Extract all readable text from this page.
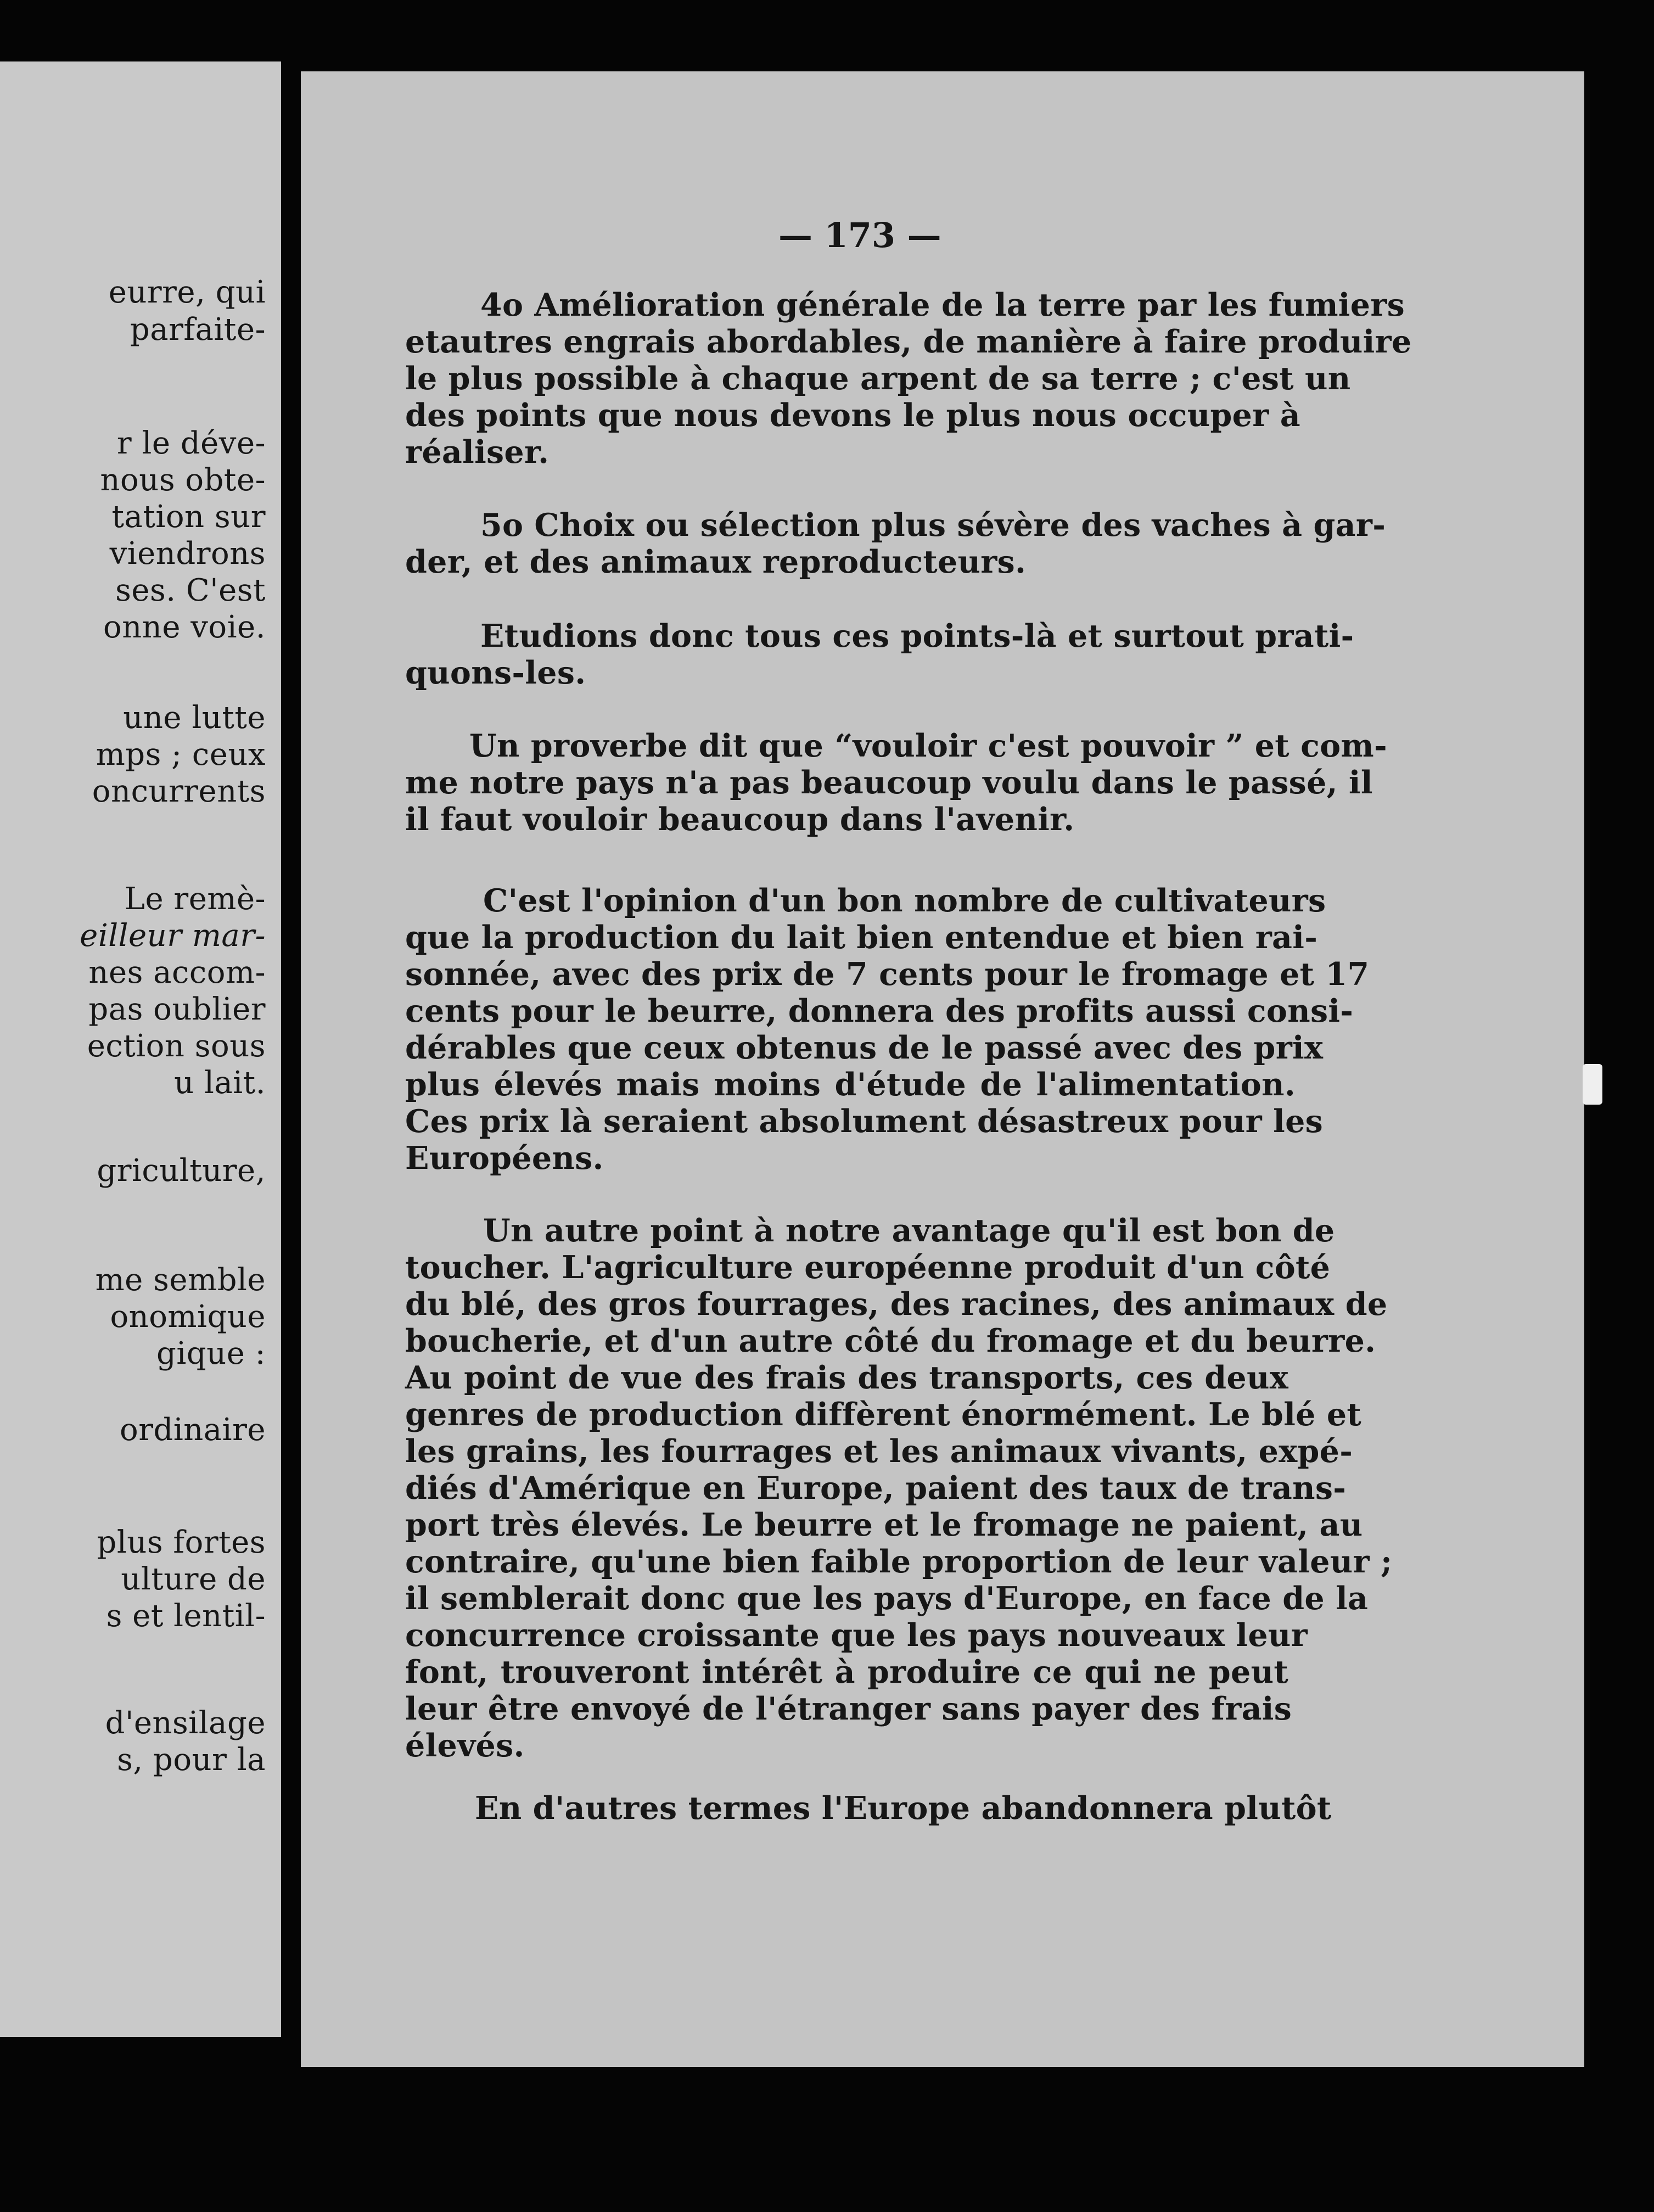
eurre, qui
parfaite-
r le déve-
nous obte-
tation sur
viendrons
ses. C'est
onne voie.
une lutte
mps ; ceux
oncurrents
Le remè-
eilleur mar-
nes accom-
pas oublier
ection sous
u lait.
griculture,
me semble
onomique
gique :
ordinaire
plus fortes
ulture de
s et lentil-
d'ensilage
s, pour la
— 173 —
4o Amélioration générale de la terre par les fumiers
etautres engrais abordables, de manière à faire produire
le plus possible à chaque arpent de sa terre ; c'est un
des points que nous devons le plus nous occuper à
réaliser.
5o Choix ou sélection plus sévère des vaches à gar-
der, et des animaux reproducteurs.
Etudions donc tous ces points-là et surtout prati-
quons-les.
Un proverbe dit que “vouloir c'est pouvoir ” et com-
me notre pays n'a pas beaucoup voulu dans le passé, il
il faut vouloir beaucoup dans l'avenir.
C'est l'opinion d'un bon nombre de cultivateurs
que la production du lait bien entendue et bien rai-
sonnée, avec des prix de 7 cents pour le fromage et 17
cents pour le beurre, donnera des profits aussi consi-
dérables que ceux obtenus de le passé avec des prix
plus élevés mais moins d'étude de l'alimentation.
Ces prix là seraient absolument désastreux pour les
Européens.
Un autre point à notre avantage qu'il est bon de
toucher. L'agriculture européenne produit d'un côté
du blé, des gros fourrages, des racines, des animaux de
boucherie, et d'un autre côté du fromage et du beurre.
Au point de vue des frais des transports, ces deux
genres de production diffèrent énormément. Le blé et
les grains, les fourrages et les animaux vivants, expé-
diés d'Amérique en Europe, paient des taux de trans-
port très élevés. Le beurre et le fromage ne paient, au
contraire, qu'une bien faible proportion de leur valeur ;
il semblerait donc que les pays d'Europe, en face de la
concurrence croissante que les pays nouveaux leur
font, trouveront intérêt à produire ce qui ne peut
leur être envoyé de l'étranger sans payer des frais
élevés.
En d'autres termes l'Europe abandonnera plutôt
